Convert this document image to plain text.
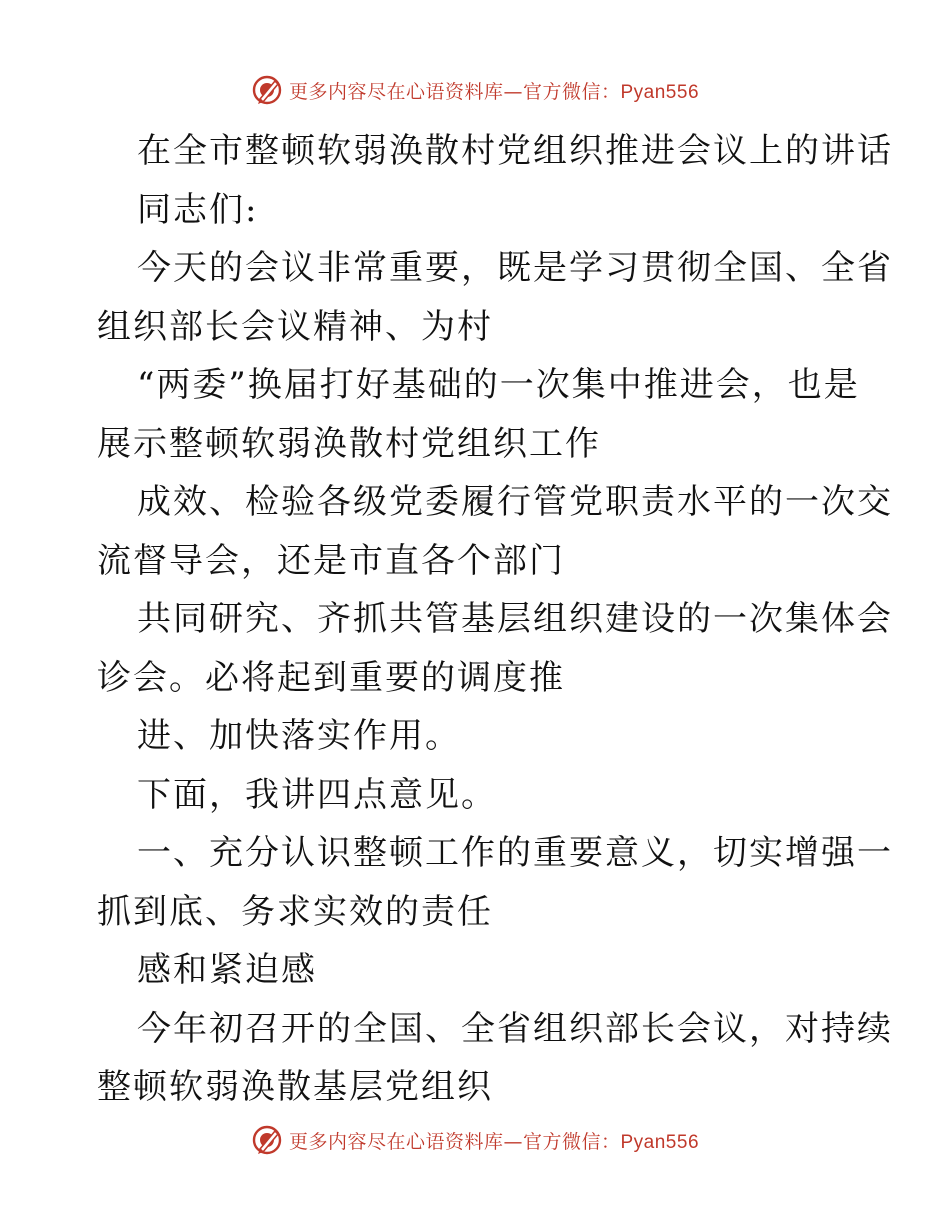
更多内容尽在心语资料库—官方微信：Pyan556
在全市整顿软弱涣散村党组织推进会议上的讲话
同志们:
今天的会议非常重要，既是学习贯彻全国、全省
组织部长会议精神、为村
“两委”换届打好基础的一次集中推进会，也是
展示整顿软弱涣散村党组织工作
成效、检验各级党委履行管党职责水平的一次交
流督导会，还是市直各个部门
共同研究、齐抓共管基层组织建设的一次集体会
诊会。必将起到重要的调度推
进、加快落实作用。
下面，我讲四点意见。
一、充分认识整顿工作的重要意义，切实增强一
抓到底、务求实效的责任
感和紧迫感
今年初召开的全国、全省组织部长会议，对持续
整顿软弱涣散基层党组织
更多内容尽在心语资料库—官方微信：Pyan556
